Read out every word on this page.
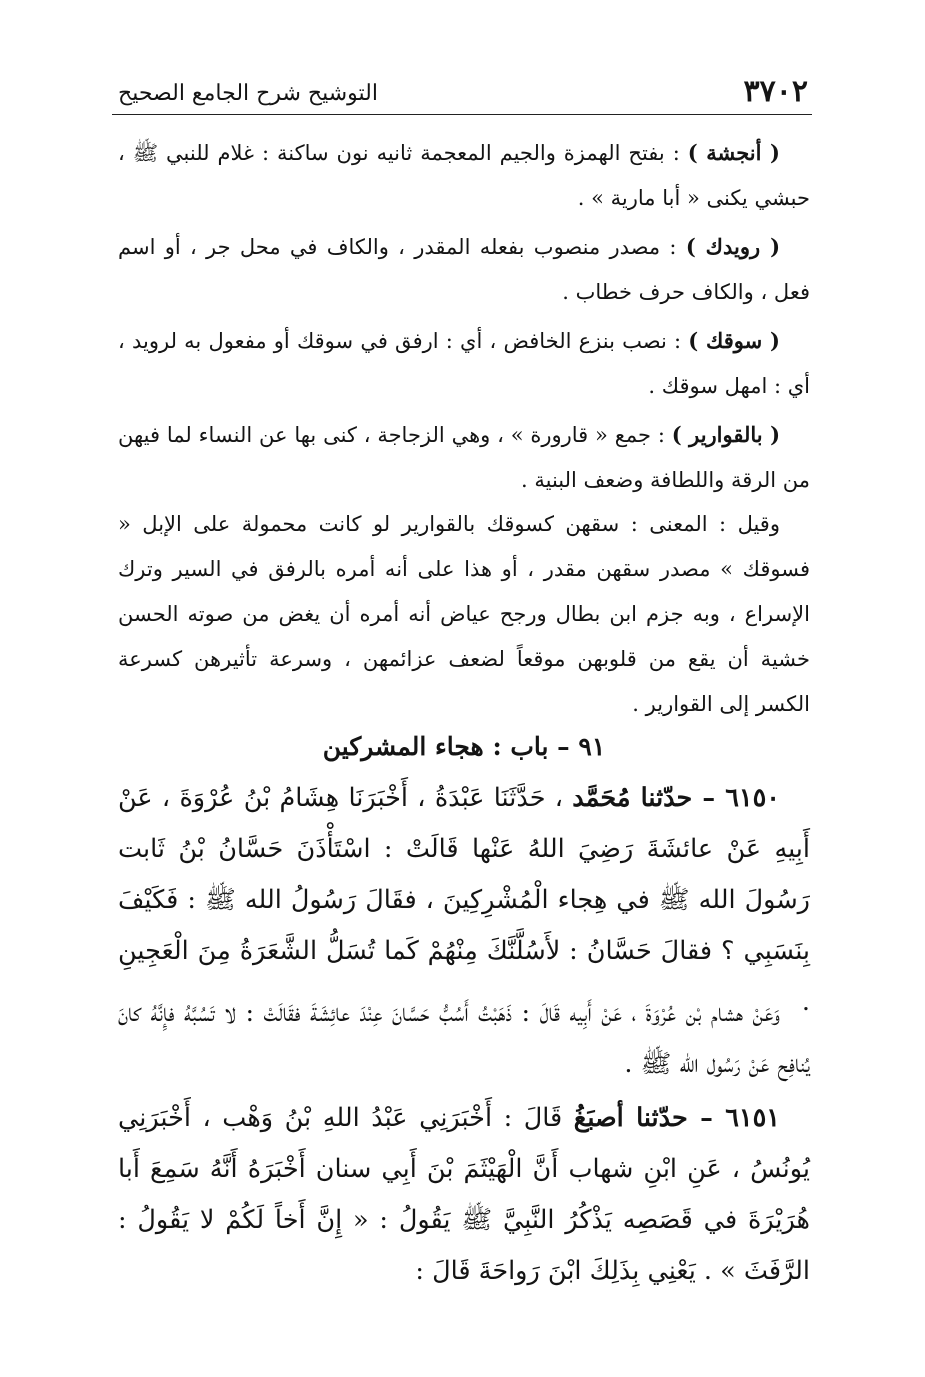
٣٧٠٢
التوشيح شرح الجامع الصحيح

( أنجشة ) : بفتح الهمزة والجيم المعجمة ثانيه نون ساكنة : غلام للنبي ﷺ ، حبشي يكنى « أبا مارية » .

( رويدك ) : مصدر منصوب بفعله المقدر ، والكاف في محل جر ، أو اسم فعل ، والكاف حرف خطاب .

( سوقك ) : نصب بنزع الخافض ، أي : ارفق في سوقك أو مفعول به لرويد ، أي : امهل سوقك .

( بالقوارير ) : جمع « قارورة » ، وهي الزجاجة ، كنى بها عن النساء لما فيهن من الرقة واللطافة وضعف البنية .

وقيل : المعنى : سقهن كسوقك بالقوارير لو كانت محمولة على الإبل « فسوقك » مصدر سقهن مقدر ، أو هذا على أنه أمره بالرفق في السير وترك الإسراع ، وبه جزم ابن بطال ورجح عياض أنه أمره أن يغض من صوته الحسن خشية أن يقع من قلوبهن موقعاً لضعف عزائمهن ، وسرعة تأثيرهن كسرعة الكسر إلى القوارير .

٩١ – باب : هجاء المشركين

٦١٥٠ – حدّثنا مُحَمَّد ، حَدَّثَنَا عَبْدَةُ ، أَخْبَرَنَا هِشَامُ بْنُ عُرْوَةَ ، عَنْ أَبِيهِ عَنْ عائشَةَ رَضِيَ اللهُ عَنْها قَالَتْ : اسْتَأْذَنَ حَسَّانُ بْنُ ثَابت رَسُولَ الله ﷺ في هِجاء الْمُشْرِكِينَ ، فقَالَ رَسُولُ الله ﷺ : فَكَيْفَ بِنَسَبِي ؟ فقالَ حَسَّانُ : لأَسُلَّنَّكَ مِنْهُمْ كَما تُسَلُّ الشَّعَرَةُ مِنَ الْعَجِينِ .

وَعَنْ هشام بْن عُرْوَةَ ، عَنْ أَبِيه قَالَ : ذَهَبْتُ أَسُبُّ حَسَّانَ عِنْدَ عائِشَةَ فقَالَتْ : لا تَسُبَّهُ فإِنَّهُ كانَ يُنافِح عَنْ رَسُول الله ﷺ .

٦١٥١ – حدّثنا أصبَغُ قَالَ : أَخْبَرَنِي عَبْدُ اللهِ بْنُ وَهْب ، أَخْبَرَنِي يُونُسُ ، عَنِ ابْنِ شهاب أَنَّ الْهَيْثَمَ بْنَ أَبِي سنان أَخْبَرَهُ أَنَّهُ سَمِعَ أَبا هُرَيْرَةَ في قَصَصِه يَذْكُرُ النَّبِيَّ ﷺ يَقُولُ : « إِنَّ أَخاً لَكُمْ لا يَقُولُ : الرَّفَثَ » . يَعْنِي بِذَلِكَ ابْنَ رَواحَةَ قَالَ :
